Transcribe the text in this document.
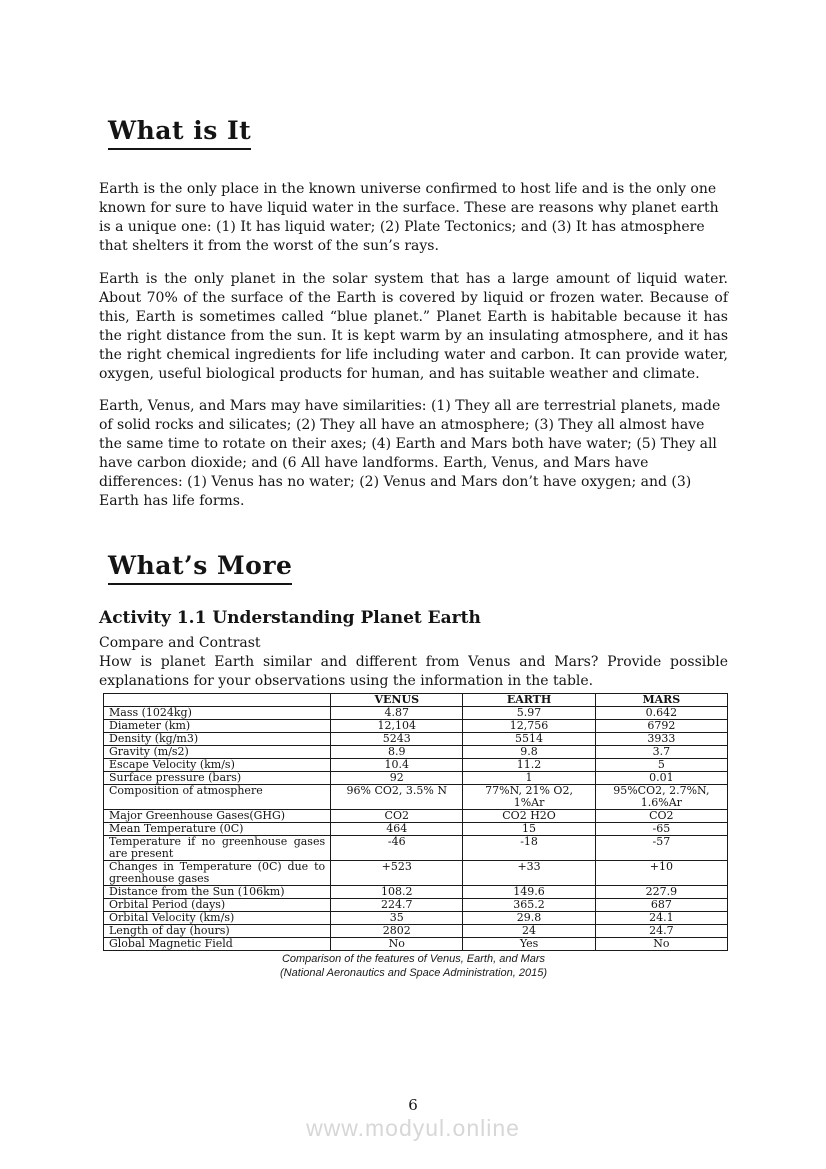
What is It

Earth is the only place in the known universe confirmed to host life and is the only one known for sure to have liquid water in the surface. These are reasons why planet earth is a unique one: (1) It has liquid water; (2) Plate Tectonics; and (3) It has atmosphere that shelters it from the worst of the sun’s rays.

Earth is the only planet in the solar system that has a large amount of liquid water. About 70% of the surface of the Earth is covered by liquid or frozen water. Because of this, Earth is sometimes called “blue planet.” Planet Earth is habitable because it has the right distance from the sun. It is kept warm by an insulating atmosphere, and it has the right chemical ingredients for life including water and carbon. It can provide water, oxygen, useful biological products for human, and has suitable weather and climate.

Earth, Venus, and Mars may have similarities: (1) They all are terrestrial planets, made of solid rocks and silicates; (2) They all have an atmosphere; (3) They all almost have the same time to rotate on their axes; (4) Earth and Mars both have water; (5) They all have carbon dioxide; and (6 All have landforms. Earth, Venus, and Mars have differences: (1) Venus has no water; (2) Venus and Mars don’t have oxygen; and (3) Earth has life forms.

What’s More
Activity 1.1 Understanding Planet Earth

Compare and Contrast

How is planet Earth similar and different from Venus and Mars? Provide possible explanations for your observations using the information in the table.

	VENUS	EARTH	MARS
Mass (1024kg)	4.87	5.97	0.642
Diameter (km)	12,104	12,756	6792
Density (kg/m3)	5243	5514	3933
Gravity (m/s2)	8.9	9.8	3.7
Escape Velocity (km/s)	10.4	11.2	5
Surface pressure (bars)	92	1	0.01
Composition of atmosphere	96% CO2, 3.5% N	77%N, 21% O2, 1%Ar	95%CO2, 2.7%N, 1.6%Ar
Major Greenhouse Gases(GHG)	CO2	CO2 H2O	CO2
Mean Temperature (0C)	464	15	-65
Temperature if no greenhouse gases are present	-46	-18	-57
Changes in Temperature (0C) due to greenhouse gases	+523	+33	+10
Distance from the Sun (106km)	108.2	149.6	227.9
Orbital Period (days)	224.7	365.2	687
Orbital Velocity (km/s)	35	29.8	24.1
Length of day (hours)	2802	24	24.7
Global Magnetic Field	No	Yes	No
Comparison of the features of Venus, Earth, and Mars
(National Aeronautics and Space Administration, 2015)
6
www.modyul.online
